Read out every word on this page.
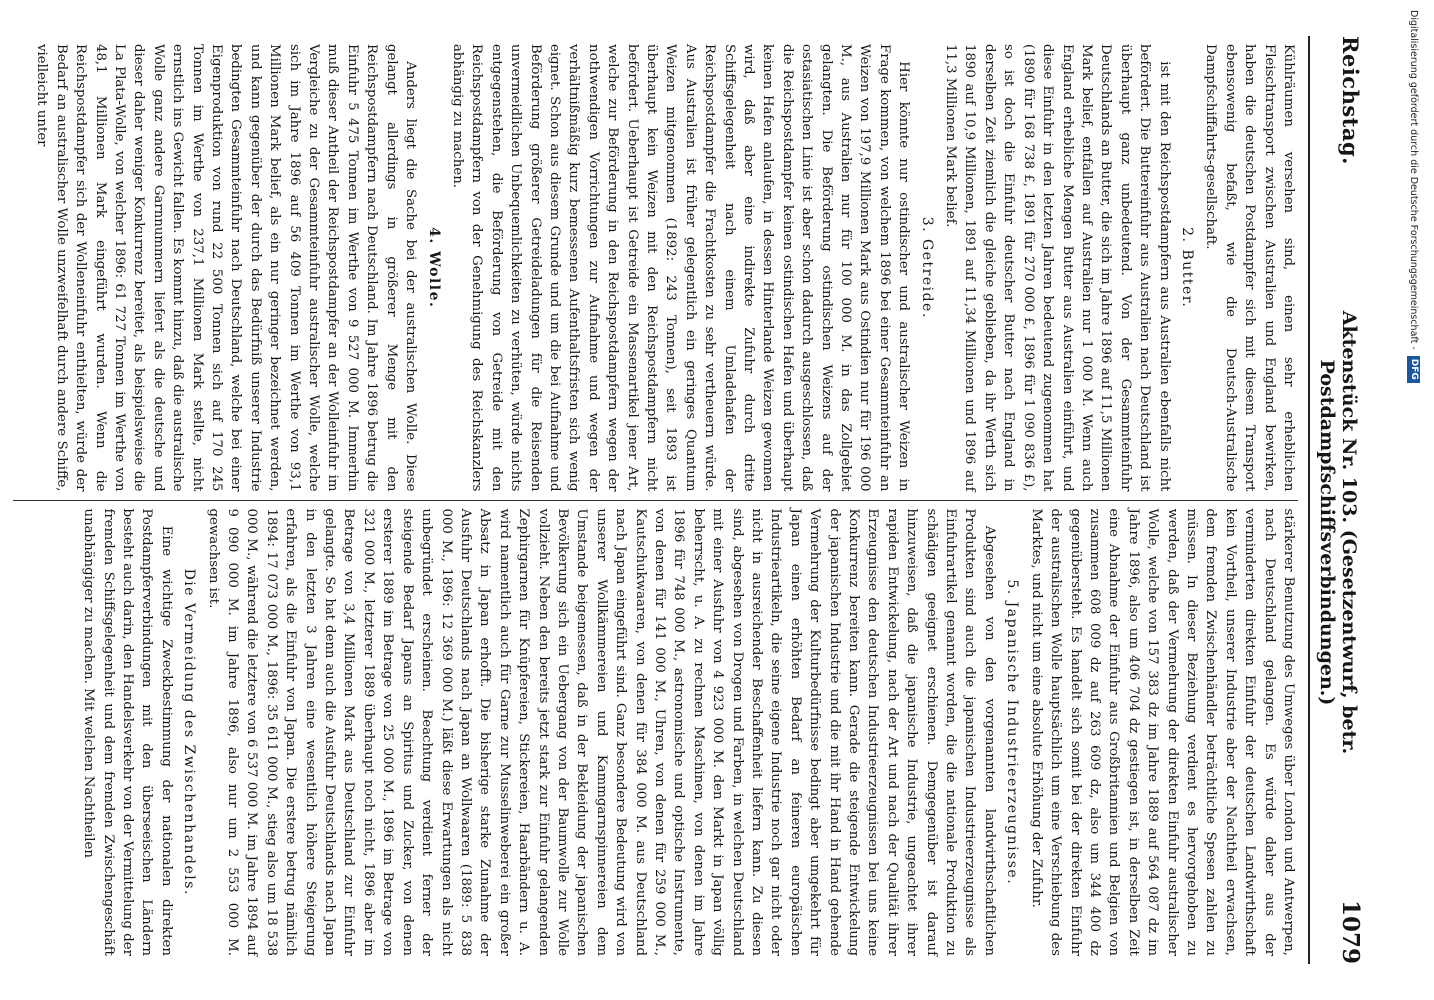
Reichstag.
Aktenstück Nr. 103. (Gesetzentwurf, betr. Postdampfschiffsverbindungen.)
1079

Kühlräumen versehen sind, einen sehr erheblichen Fleischtransport zwischen Australien und England bewirken, haben die deutschen Postdampfer sich mit diesem Transport ebensowenig befaßt, wie die Deutsch-Australische Dampfschiffahrts-gesellschaft.

2. Butter.

ist mit den Reichspostdampfern aus Australien ebenfalls nicht befördert. Die Buttereinfuhr aus Australien nach Deutschland ist überhaupt ganz unbedeutend. Von der Gesammteinfuhr Deutschlands an Butter, die sich im Jahre 1896 auf 11,5 Millionen Mark belief, entfallen auf Australien nur 1 000 M. Wenn auch England erhebliche Mengen Butter aus Australien einführt, und diese Einfuhr in den letzten Jahren bedeutend zugenommen hat (1890 für 168 738 £, 1891 für 270 000 £, 1896 für 1 090 836 £), so ist doch die Einfuhr deutscher Butter nach England in derselben Zeit ziemlich die gleiche geblieben, da ihr Werth sich 1890 auf 10,9 Millionen, 1891 auf 11,34 Millionen und 1896 auf 11,3 Millionen Mark belief.

3. Getreide.

Hier könnte nur ostindischer und australischer Weizen in Frage kommen, von welchem 1896 bei einer Gesammteinfuhr an Weizen von 197,9 Millionen Mark aus Ostindien nur für 196 000 M., aus Australien nur für 100 000 M. in das Zollgebiet gelangten. Die Beförderung ostindischen Weizens auf der ostasiatischen Linie ist aber schon dadurch ausgeschlossen, daß die Reichspostdampfer keinen ostindischen Hafen und überhaupt keinen Hafen anlaufen, in dessen Hinterlande Weizen gewonnen wird, daß aber eine indirekte Zufuhr durch dritte Schiffsgelegenheit nach einem Umladehafen der Reichspostdampfer die Frachtkosten zu sehr vertheuern würde. Aus Australien ist früher gelegentlich ein geringes Quantum Weizen mitgenommen (1892: 243 Tonnen), seit 1893 ist überhaupt kein Weizen mit den Reichspostdampfern nicht befördert. Ueberhaupt ist Getreide ein Massenartikel jener Art, welche zur Beförderung in den Reichspostdampfern wegen der nothwendigen Vorrichtungen zur Aufnahme und wegen der verhältnißmäßig kurz bemessenen Aufenthaltsfristen sich wenig eignet. Schon aus diesem Grunde und um die bei Aufnahme und Beförderung größerer Getreideladungen für die Reisenden unvermeidlichen Unbequemlichkeiten zu verhüten, würde nichts entgegenstehen, die Beförderung von Getreide mit den Reichspostdampfern von der Genehmigung des Reichskanzlers abhängig zu machen.

4. Wolle.

Anders liegt die Sache bei der australischen Wolle. Diese gelangt allerdings in größerer Menge mit den Reichspostdampfern nach Deutschland. Im Jahre 1896 betrug die Einfuhr 5 475 Tonnen im Werthe von 9 527 000 M. Immerhin muß dieser Antheil der Reichspostdampfer an der Wolleinfuhr im Vergleiche zu der Gesammteinfuhr australischer Wolle, welche sich im Jahre 1896 auf 56 409 Tonnen im Werthe von 93,1 Millionen Mark belief, als ein nur geringer bezeichnet werden, und kann gegenüber der durch das Bedürfniß unserer Industrie bedingten Gesammteinfuhr nach Deutschland, welche bei einer Eigenproduktion von rund 22 500 Tonnen sich auf 170 245 Tonnen im Werthe von 237,1 Millionen Mark stellte, nicht ernstlich ins Gewicht fallen. Es kommt hinzu, daß die australische Wolle ganz andere Garnnummern liefert als die deutsche und dieser daher weniger Konkurrenz bereitet, als beispielsweise die La Plata-Wolle, von welcher 1896: 61 727 Tonnen im Werthe von 48,1 Millionen Mark eingeführt wurden. Wenn die Reichspostdampfer sich der Wolleneinfuhr enthielten, würde der Bedarf an australischer Wolle unzweifelhaft durch andere Schiffe, vielleicht unter

stärkerer Benutzung des Umweges über London und Antwerpen, nach Deutschland gelangen. Es würde daher aus der verminderten direkten Einfuhr der deutschen Landwirthschaft kein Vortheil, unserer Industrie aber der Nachtheil erwachsen, dem fremden Zwischenhändler beträchtliche Spesen zahlen zu müssen. In dieser Beziehung verdient es hervorgehoben zu werden, daß der Vermehrung der direkten Einfuhr australischer Wolle, welche von 157 383 dz im Jahre 1889 auf 564 087 dz im Jahre 1896, also um 406 704 dz gestiegen ist, in derselben Zeit eine Abnahme der Einfuhr aus Großbritannien und Belgien von zusammen 608 009 dz auf 263 609 dz, also um 344 400 dz gegenübersteht. Es handelt sich somit bei der direkten Einfuhr der australischen Wolle hauptsächlich um eine Verschiebung des Marktes, und nicht um eine absolute Erhöhung der Zufuhr.

5. Japanische Industrieerzeugnisse.

Abgesehen von den vorgenannten landwirthschaftlichen Produkten sind auch die japanischen Industrieerzeugnisse als Einfuhrartikel genannt worden, die die nationale Produktion zu schädigen geeignet erschienen. Demgegenüber ist darauf hinzuweisen, daß die japanische Industrie, ungeachtet ihrer rapiden Entwickelung, nach der Art und nach der Qualität ihrer Erzeugnisse den deutschen Industrieerzeugnissen bei uns keine Konkurrenz bereiten kann. Gerade die steigende Entwickelung der japanischen Industrie und die mit ihr Hand in Hand gehende Vermehrung der Kulturbedürfnisse bedingt aber umgekehrt für Japan einen erhöhten Bedarf an feineren europäischen Industrieartikeln, die seine eigene Industrie noch gar nicht oder nicht in ausreichender Beschaffenheit liefern kann. Zu diesen sind, abgesehen von Drogen und Farben, in welchen Deutschland mit einer Ausfuhr von 4 923 000 M. den Markt in Japan völlig beherrscht, u. A. zu rechnen Maschinen, von denen im Jahre 1896 für 748 000 M., astronomische und optische Instrumente, von denen für 141 000 M., Uhren, von denen für 259 000 M., Kautschukwaaren, von denen für 384 000 M. aus Deutschland nach Japan eingeführt sind. Ganz besondere Bedeutung wird von unserer Wollkämmereien und Kammgarnspinnereien dem Umstande beigemessen, daß in der Bekleidung der japanischen Bevölkerung sich ein Uebergang von der Baumwolle zur Wolle vollzieht. Neben den bereits jetzt stark zur Einfuhr gelangenden Zephirgarnen für Knüpfereien, Stickereien, Haarbändern u. A. wird namentlich auch für Garne zur Musselinweberei ein großer Absatz in Japan erhofft. Die bisherige starke Zunahme der Ausfuhr Deutschlands nach Japan an Wollwaaren (1889: 5 838 000 M., 1896: 12 369 000 M.) läßt diese Erwartungen als nicht unbegründet erscheinen. Beachtung verdient ferner der steigende Bedarf Japans an Spiritus und Zucker, von denen ersterer 1889 im Betrage von 25 000 M., 1896 im Betrage von 321 000 M., letzterer 1889 überhaupt noch nicht, 1896 aber im Betrage von 3,4 Millionen Mark aus Deutschland zur Einfuhr gelangte. So hat denn auch die Ausfuhr Deutschlands nach Japan in den letzten 3 Jahren eine wesentlich höhere Steigerung erfahren, als die Einfuhr von Japan. Die erstere betrug nämlich 1894: 17 073 000 M., 1896: 35 611 000 M., stieg also um 18 538 000 M., während die letztere von 6 537 000 M. im Jahre 1894 auf 9 090 000 M. im Jahre 1896, also nur um 2 553 000 M. gewachsen ist.

Die Vermeidung des Zwischenhandels.

Eine wichtige Zweckbestimmung der nationalen direkten Postdampferverbindungen mit den überseeischen Ländern besteht auch darin, den Handelsverkehr von der Vermittelung der fremden Schiffsgelegenheit und dem fremden Zwischengeschäft unabhängiger zu machen. Mit welchen Nachtheilen

Digitalisierung gefördert durch die Deutsche Forschungsgemeinschaft -
DFG
